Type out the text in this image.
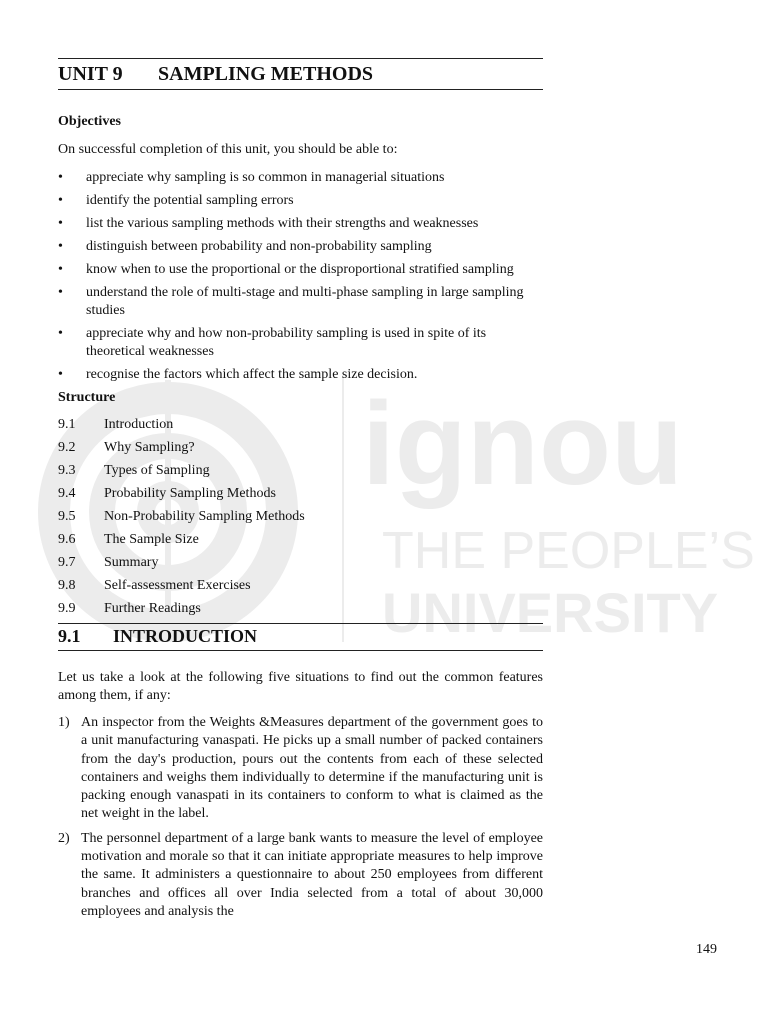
ignou
THE PEOPLE’S
UNIVERSITY
UNIT 9 SAMPLING METHODS
Objectives

On successful completion of this unit, you should be able to:

• appreciate why sampling is so common in managerial situations
• identify the potential sampling errors
• list the various sampling methods with their strengths and weaknesses
• distinguish between probability and non-probability sampling
• know when to use the proportional or the disproportional stratified sampling
• understand the role of multi-stage and multi-phase sampling in large sampling studies
• appreciate why and how non-probability sampling is used in spite of its theoretical weaknesses
• recognise the factors which affect the sample size decision.
Structure
9.1 Introduction
9.2 Why Sampling?
9.3 Types of Sampling
9.4 Probability Sampling Methods
9.5 Non-Probability Sampling Methods
9.6 The Sample Size
9.7 Summary
9.8 Self-assessment Exercises
9.9 Further Readings
9.1 INTRODUCTION

Let us take a look at the following five situations to find out the common features among them, if any:

1) An inspector from the Weights &Measures department of the government goes to a unit manufacturing vanaspati. He picks up a small number of packed containers from the day's production, pours out the contents from each of these selected containers and weighs them individually to determine if the manufacturing unit is packing enough vanaspati in its containers to conform to what is claimed as the net weight in the label.
2) The personnel department of a large bank wants to measure the level of employee motivation and morale so that it can initiate appropriate measures to help improve the same. It administers a questionnaire to about 250 employees from different branches and offices all over India selected from a total of about 30,000 employees and analysis the
149
